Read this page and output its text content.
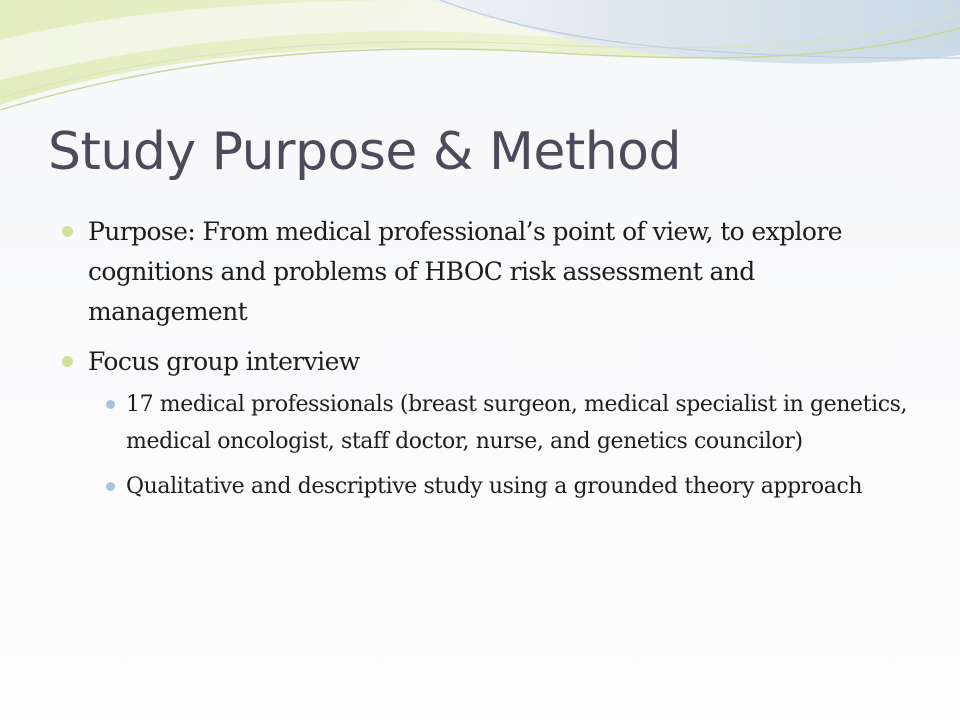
Study Purpose & Method
Purpose: From medical professional’s point of view, to explore cognitions and problems of HBOC risk assessment and management
Focus group interview
17 medical professionals (breast surgeon, medical specialist in genetics, medical oncologist, staff doctor, nurse, and genetics councilor)
Qualitative and descriptive study using a grounded theory approach
